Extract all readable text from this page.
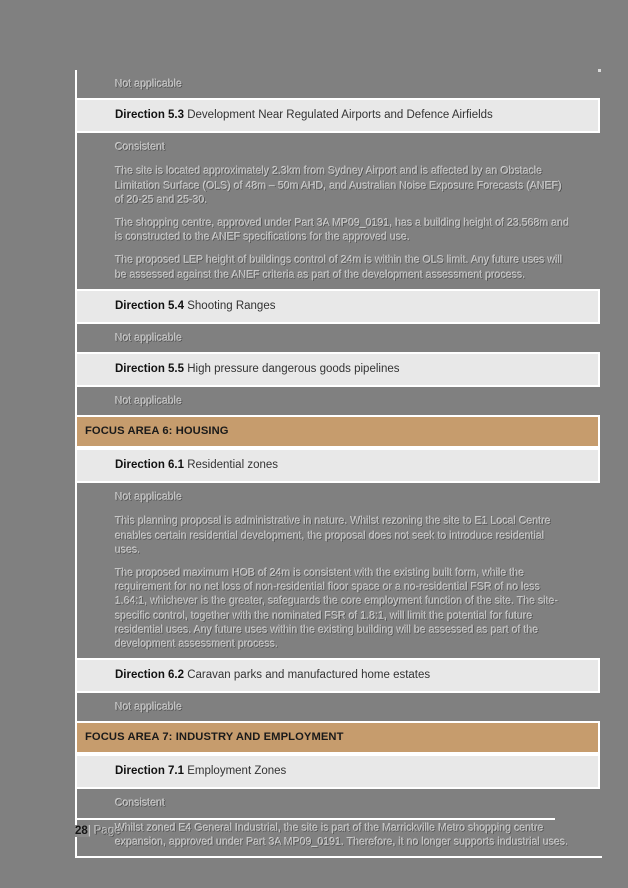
Not applicable

Direction 5.3 Development Near Regulated Airports and Defence Airfields

Consistent

The site is located approximately 2.3km from Sydney Airport and is affected by an Obstacle Limitation Surface (OLS) of 48m – 50m AHD, and Australian Noise Exposure Forecasts (ANEF) of 20-25 and 25-30.

The shopping centre, approved under Part 3A MP09_0191, has a building height of 23.568m and is constructed to the ANEF specifications for the approved use.

The proposed LEP height of buildings control of 24m is within the OLS limit. Any future uses will be assessed against the ANEF criteria as part of the development assessment process.

Direction 5.4 Shooting Ranges

Not applicable

Direction 5.5 High pressure dangerous goods pipelines

Not applicable

FOCUS AREA 6: HOUSING
Direction 6.1 Residential zones

Not applicable

This planning proposal is administrative in nature. Whilst rezoning the site to E1 Local Centre enables certain residential development, the proposal does not seek to introduce residential uses.

The proposed maximum HOB of 24m is consistent with the existing built form, while the requirement for no net loss of non-residential floor space or a no-residential FSR of no less 1.64:1, whichever is the greater, safeguards the core employment function of the site. The site-specific control, together with the nominated FSR of 1.8:1, will limit the potential for future residential uses. Any future uses within the existing building will be assessed as part of the development assessment process.

Direction 6.2 Caravan parks and manufactured home estates

Not applicable

FOCUS AREA 7: INDUSTRY AND EMPLOYMENT
Direction 7.1 Employment Zones

Consistent

Whilst zoned E4 General Industrial, the site is part of the Marrickville Metro shopping centre expansion, approved under Part 3A MP09_0191. Therefore, it no longer supports industrial uses.

28| Page
